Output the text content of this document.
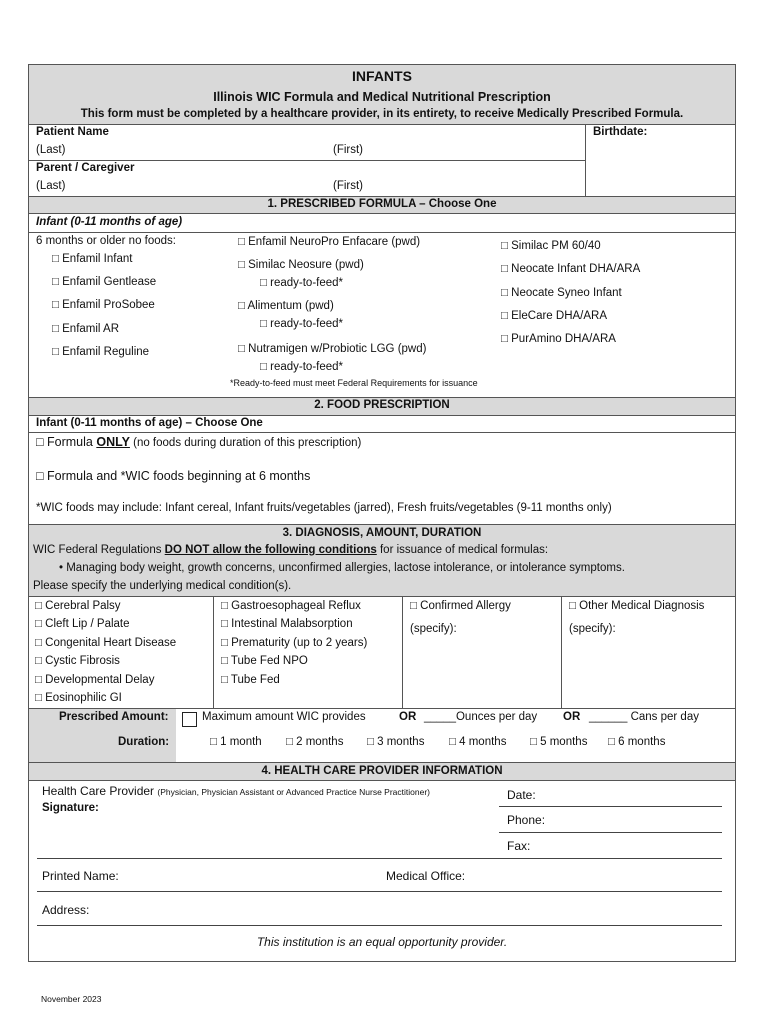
INFANTS
Illinois WIC Formula and Medical Nutritional Prescription
This form must be completed by a healthcare provider, in its entirety, to receive Medically Prescribed Formula.
Patient Name
(Last)	(First)
Birthdate:
Parent / Caregiver
(Last)	(First)
1. PRESCRIBED FORMULA – Choose One
Infant (0-11 months of age)
6 months or older no foods:
□ Enfamil Infant
□ Enfamil Gentlease
□ Enfamil ProSobee
□ Enfamil AR
□ Enfamil Reguline
□ Enfamil NeuroPro Enfacare (pwd)
□ Similac Neosure (pwd)
□ ready-to-feed*
□ Alimentum (pwd)
□ ready-to-feed*
□ Nutramigen w/Probiotic LGG (pwd)
□ ready-to-feed*
*Ready-to-feed must meet Federal Requirements for issuance
□ Similac PM 60/40
□ Neocate Infant DHA/ARA
□ Neocate Syneo Infant
□ EleCare DHA/ARA
□ PurAmino DHA/ARA
2. FOOD PRESCRIPTION
Infant (0-11 months of age) – Choose One
□ Formula ONLY (no foods during duration of this prescription)
□ Formula and *WIC foods beginning at 6 months
*WIC foods may include: Infant cereal, Infant fruits/vegetables (jarred), Fresh fruits/vegetables (9-11 months only)
3. DIAGNOSIS, AMOUNT, DURATION
WIC Federal Regulations DO NOT allow the following conditions for issuance of medical formulas:
• Managing body weight, growth concerns, unconfirmed allergies, lactose intolerance, or intolerance symptoms.
Please specify the underlying medical condition(s).
□ Cerebral Palsy
□ Cleft Lip / Palate
□ Congenital Heart Disease
□ Cystic Fibrosis
□ Developmental Delay
□ Eosinophilic GI
□ Gastroesophageal Reflux
□ Intestinal Malabsorption
□ Prematurity (up to 2 years)
□ Tube Fed NPO
□ Tube Fed
□ Confirmed Allergy
(specify):
□ Other Medical Diagnosis
(specify):
Prescribed Amount:	Maximum amount WIC provides	OR _____Ounces per day OR ______ Cans per day
Duration:	□ 1 month □ 2 months □ 3 months □ 4 months □ 5 months □ 6 months
4. HEALTH CARE PROVIDER INFORMATION
Health Care Provider (Physician, Physician Assistant or Advanced Practice Nurse Practitioner)
Signature:
Date:
Phone:
Fax:
Printed Name:	Medical Office:
Address:
This institution is an equal opportunity provider.
November 2023
